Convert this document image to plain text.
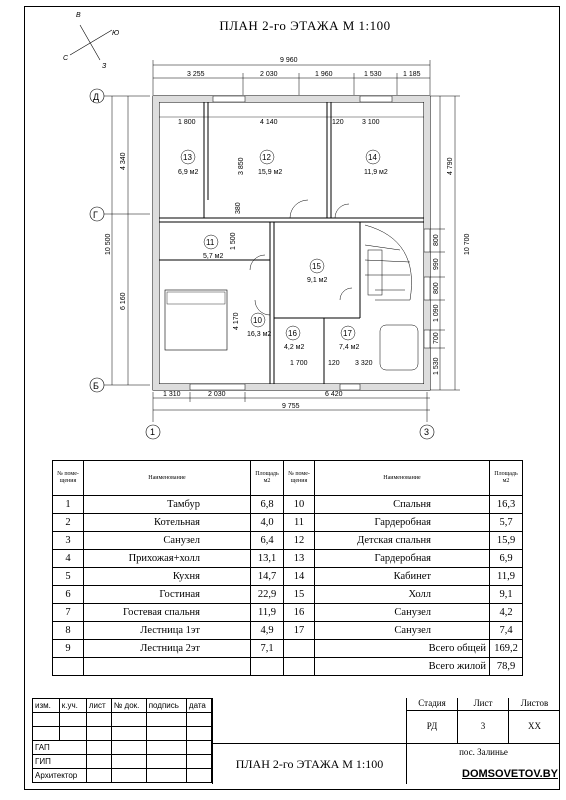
ПЛАН 2-го ЭТАЖА М 1:100
В
Ю
З
С	9 960
3 255	2 030	1 960	1 530	1 185
10 500
4 340
6 160
Д
Г
Б
10 700
4 790
800
990
800
1 090
700
1 530
1 310	2 030	6 420
9 755
1	3
1 800	4 140	120	3 100
3 850
380
1 500
4 170
1 700	120 3 320
13
6,9 м2
12
15,9 м2
14
11,9 м2
11
5,7 м2
15
9,1 м2
10
16,3 м2 16
4,2 м2
17
7,4 м2
№ поме-щения	Наименование	Площадь м2	№ поме-щения	Наименование	Площадь м2
1	Тамбур	6,8	10	Спальня	16,3
2	Котельная	4,0	11	Гардеробная	5,7
3	Санузел	6,4	12	Детская спальня	15,9
4	Прихожая+холл	13,1	13	Гардеробная	6,9
5	Кухня	14,7	14	Кабинет	11,9
6	Гостиная	22,9	15	Холл	9,1
7	Гостевая спальня	11,9	16	Санузел	4,2
8	Лестница 1эт	4,9	17	Санузел	7,4
9	Лестница 2эт	7,1		Всего общей	169,2
				Всего жилой	78,9
изм.	к.уч.	лист	№ док.	подпись	дата

ГАП					
ГИП					
Архитектор					
ПЛАН 2-го ЭТАЖА М 1:100
Стадия	Лист	Листов
РД	3	ХХ
пос. Залинье
DOMSOVETOV.BY
